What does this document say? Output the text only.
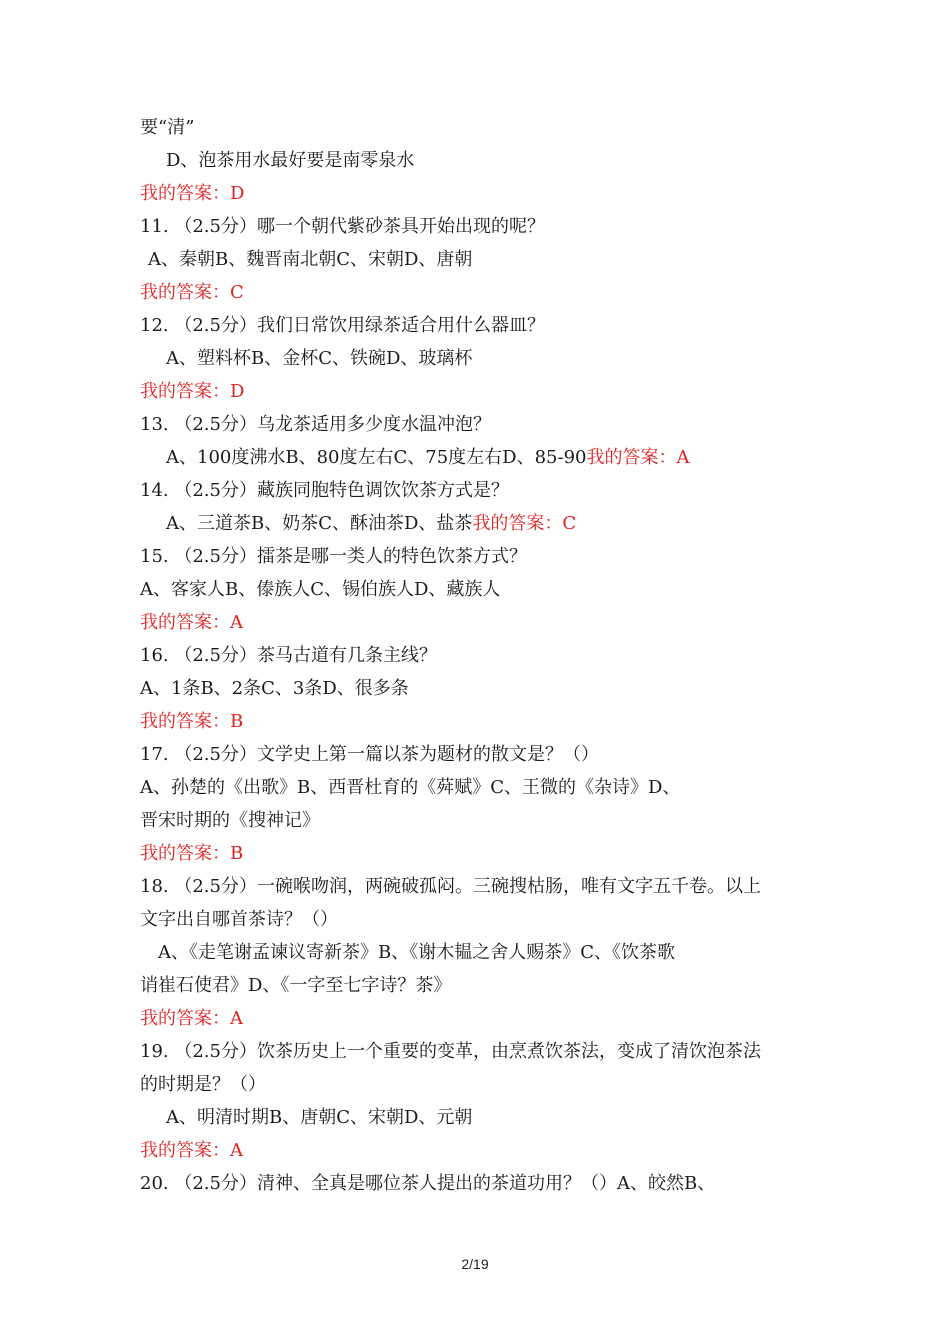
要“清”
D、泡茶用水最好要是南零泉水
我的答案：D
11. （2.5分）哪一个朝代紫砂茶具开始出现的呢？
A、秦朝B、魏晋南北朝C、宋朝D、唐朝
我的答案：C
12. （2.5分）我们日常饮用绿茶适合用什么器皿？
A、塑料杯B、金杯C、铁碗D、玻璃杯
我的答案：D
13. （2.5分）乌龙茶适用多少度水温冲泡？
A、100度沸水B、80度左右C、75度左右D、85-90我的答案：A
14. （2.5分）藏族同胞特色调饮饮茶方式是？
A、三道茶B、奶茶C、酥油茶D、盐茶我的答案：C
15. （2.5分）擂茶是哪一类人的特色饮茶方式？
A、客家人B、傣族人C、锡伯族人D、藏族人
我的答案：A
16. （2.5分）茶马古道有几条主线？
A、1条B、2条C、3条D、很多条
我的答案：B
17. （2.5分）文学史上第一篇以茶为题材的散文是？（）
A、孙楚的《出歌》B、西晋杜育的《荈赋》C、王微的《杂诗》D、
晋宋时期的《搜神记》
我的答案：B
18. （2.5分）一碗喉吻润，两碗破孤闷。三碗搜枯肠，唯有文字五千卷。以上
文字出自哪首茶诗？（）
A、《走笔谢孟谏议寄新茶》B、《谢木韫之舍人赐茶》C、《饮茶歌
诮崔石使君》D、《一字至七字诗？茶》
我的答案：A
19. （2.5分）饮茶历史上一个重要的变革，由烹煮饮茶法，变成了清饮泡茶法
的时期是？（）
A、明清时期B、唐朝C、宋朝D、元朝
我的答案：A
20. （2.5分）清神、全真是哪位茶人提出的茶道功用？（）A、皎然B、
2/19
